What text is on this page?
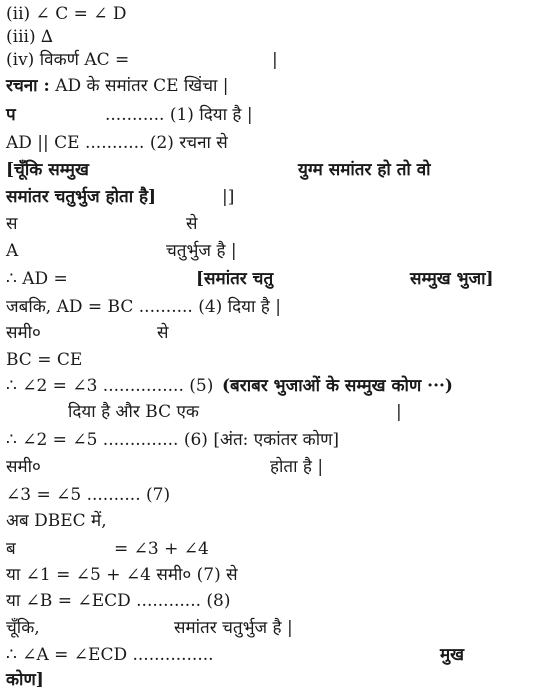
(ii) ∠ C = ∠ D
(iii) ∆
(iv) विकर्ण AC =	|
रचना : AD के समांतर CE खिंचा |
प	........... (1) दिया है |
AD || CE ........... (2) रचना से
[चूँकि सम्मुख	युग्म समांतर हो तो वो
समांतर चतुर्भुज होता है]	|]
स	से
A	चतुर्भुज है |
∴ AD =	[समांतर चतु	सम्मुख भुजा]
जबकि, AD = BC .......... (4) दिया है |
समी०	से
BC = CE
∴ ∠2 = ∠3 ............... (5) (बराबर भुजाओं के सम्मुख कोण ···)
दिया है और BC एक	|
∴ ∠2 = ∠5 .............. (6) [अंत: एकांतर कोण]
समी०	होता है |
∠3 = ∠5 .......... (7)
अब DBEC में,
ब	= ∠3 + ∠4
या ∠1 = ∠5 + ∠4 समी० (7) से
या ∠B = ∠ECD ............ (8)
चूँकि,	समांतर चतुर्भुज है |
∴ ∠A = ∠ECD ...............	मुख
कोण]
